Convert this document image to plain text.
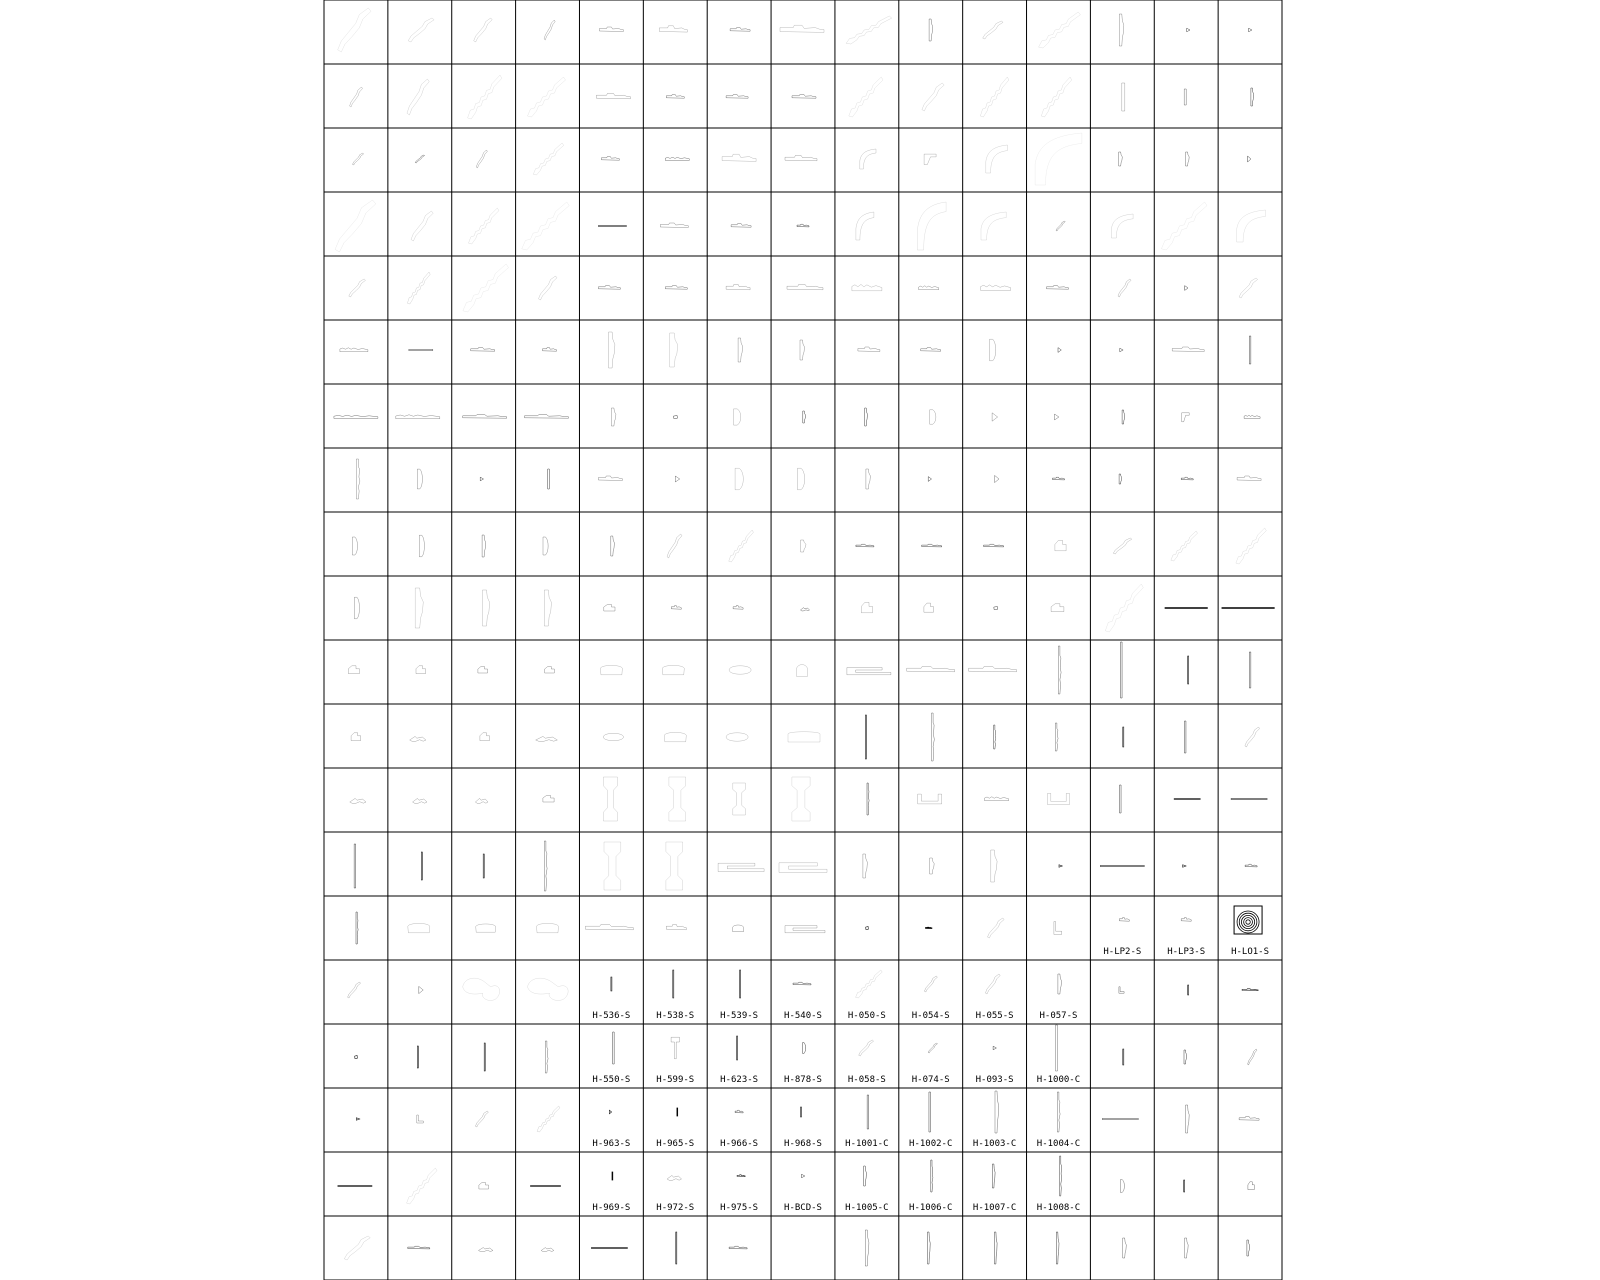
H-LP2-S	H-LP3-S	H-LO1-S
H-536-S	H-538-S	H-539-S	H-540-S	H-050-S	H-054-S	H-055-S	H-057-S
H-550-S	H-599-S	H-623-S	H-878-S	H-058-S	H-074-S	H-093-S	H-1000-C
H-963-S	H-965-S	H-966-S	H-968-S	H-1001-C H-1002-C H-1003-C H-1004-C
H-969-S	H-972-S	H-975-S	H-BCD-S	H-1005-C H-1006-C H-1007-C H-1008-C
